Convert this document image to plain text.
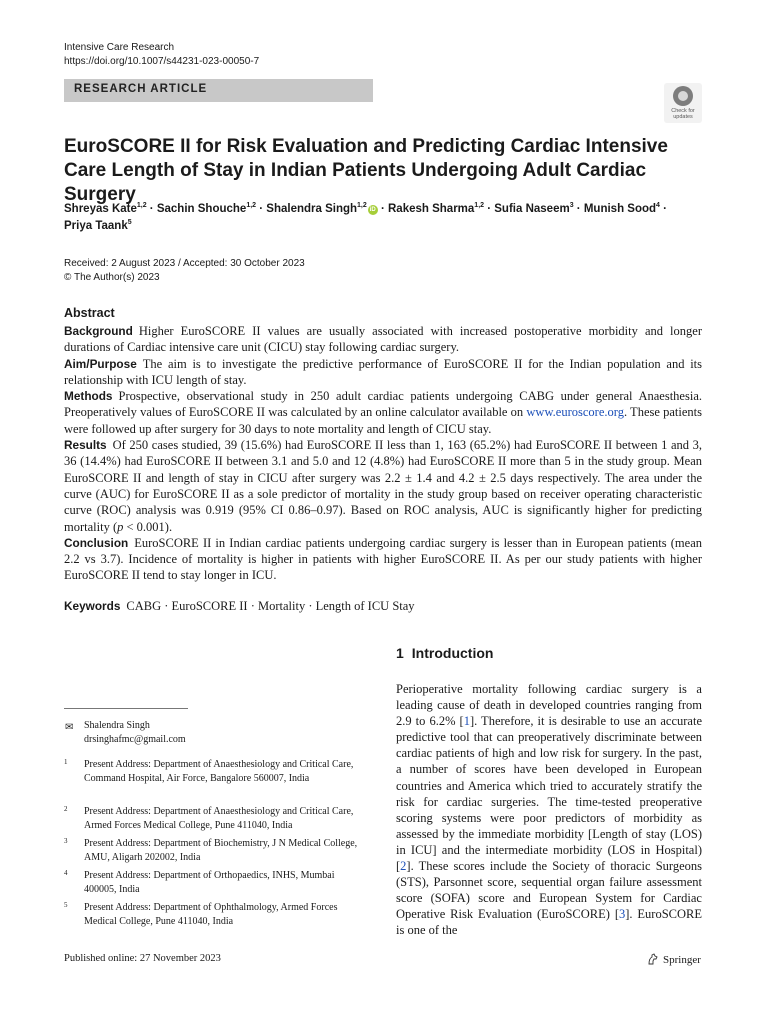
Intensive Care Research
https://doi.org/10.1007/s44231-023-00050-7
RESEARCH ARTICLE
Check for
updates
EuroSCORE II for Risk Evaluation and Predicting Cardiac Intensive Care Length of Stay in Indian Patients Undergoing Adult Cardiac Surgery
Shreyas Kate$^{1,2}$ · Sachin Shouche$^{1,2}$ · Shalendra Singh$^{1,2}$iD · Rakesh Sharma$^{1,2}$ · Sufia Naseem$^3$ · Munish Sood$^4$ ·
Priya Taank$^5$
Received: 2 August 2023 / Accepted: 30 October 2023
© The Author(s) 2023
Abstract

Background Higher EuroSCORE II values are usually associated with increased postoperative morbidity and longer durations of Cardiac intensive care unit (CICU) stay following cardiac surgery.

Aim/Purpose The aim is to investigate the predictive performance of EuroSCORE II for the Indian population and its relationship with ICU length of stay.

Methods Prospective, observational study in 250 adult cardiac patients undergoing CABG under general Anaesthesia. Preoperatively values of EuroSCORE II was calculated by an online calculator available on www.euroscore.org. These patients were followed up after surgery for 30 days to note mortality and length of CICU stay.

Results Of 250 cases studied, 39 (15.6%) had EuroSCORE II less than 1, 163 (65.2%) had EuroSCORE II between 1 and 3, 36 (14.4%) had EuroSCORE II between 3.1 and 5.0 and 12 (4.8%) had EuroSCORE II more than 5 in the study group. Mean EuroSCORE II and length of stay in CICU after surgery was 2.2 ± 1.4 and 4.2 ± 2.5 days respectively. The area under the curve (AUC) for EuroSCORE II as a sole predictor of mortality in the study group based on receiver operating characteristic curve (ROC) analysis was 0.919 (95% CI 0.86–0.97). Based on ROC analysis, AUC is significantly higher for predicting mortality (p < 0.001).

Conclusion EuroSCORE II in Indian cardiac patients undergoing cardiac surgery is lesser than in European patients (mean 2.2 vs 3.7). Incidence of mortality is higher in patients with higher EuroSCORE II. As per our study patients with higher EuroSCORE II tend to stay longer in ICU.

Keywords CABG · EuroSCORE II · Mortality · Length of ICU Stay
1 Introduction
Perioperative mortality following cardiac surgery is a leading cause of death in developed countries ranging from 2.9 to 6.2% [1]. Therefore, it is desirable to use an accurate predictive tool that can preoperatively discriminate between cardiac patients of high and low risk for surgery. In the past, a number of scores have been developed in European countries and America which tried to accurately stratify the risk for cardiac surgeries. The time-tested preoperative scoring systems were poor predictors of morbidity as assessed by the immediate morbidity [Length of stay (LOS) in ICU] and the intermediate morbidity (LOS in Hospital) [2]. These scores include the Society of thoracic Surgeons (STS), Parsonnet score, sequential organ failure assessment score (SOFA) score and European System for Cardiac Operative Risk Evaluation (EuroSCORE) [3]. EuroSCORE is one of the
✉ Shalendra Singh
drsinghafmc@gmail.com
1 Present Address: Department of Anaesthesiology and Critical Care, Command Hospital, Air Force, Bangalore 560007, India
2 Present Address: Department of Anaesthesiology and Critical Care, Armed Forces Medical College, Pune 411040, India
3 Present Address: Department of Biochemistry, J N Medical College, AMU, Aligarh 202002, India
4 Present Address: Department of Orthopaedics, INHS, Mumbai 400005, India
5 Present Address: Department of Ophthalmology, Armed Forces Medical College, Pune 411040, India
Published online: 27 November 2023	Springer
